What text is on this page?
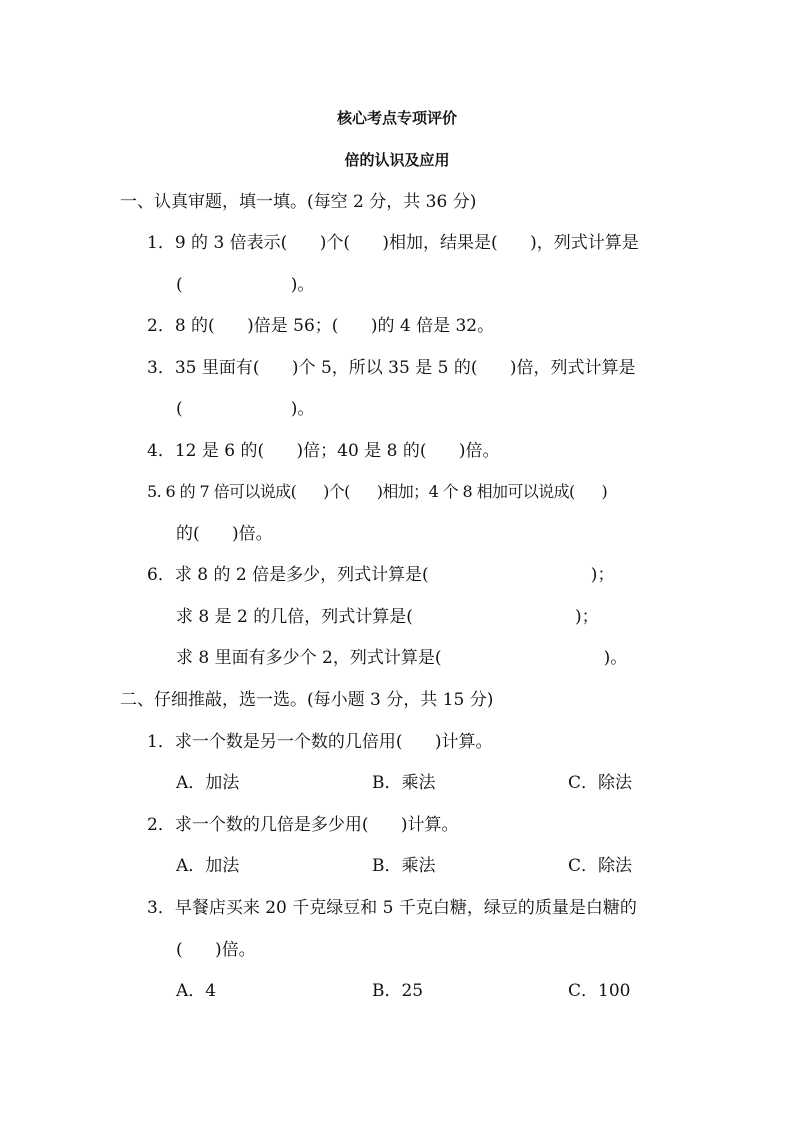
核心考点专项评价

倍的认识及应用

一、认真审题，填一填。(每空 2 分，共 36 分)

1．9 的 3 倍表示(      )个(      )相加，结果是(      )，列式计算是

(                    )。

2．8 的(      )倍是 56；(      )的 4 倍是 32。

3．35 里面有(      )个 5，所以 35 是 5 的(      )倍，列式计算是

(                    )。

4．12 是 6 的(      )倍；40 是 8 的(      )倍。

5. 6 的 7 倍可以说成(      )个(      )相加；4 个 8 相加可以说成(      )

的(      )倍。

6．求 8 的 2 倍是多少，列式计算是(                              )；

求 8 是 2 的几倍，列式计算是(                              )；

求 8 里面有多少个 2，列式计算是(                              )。

二、仔细推敲，选一选。(每小题 3 分，共 15 分)

1．求一个数是另一个数的几倍用(      )计算。

A．加法	B．乘法	C．除法

2．求一个数的几倍是多少用(      )计算。

A．加法	B．乘法	C．除法

3．早餐店买来 20 千克绿豆和 5 千克白糖，绿豆的质量是白糖的

(      )倍。

A．4	B．25	C．100
